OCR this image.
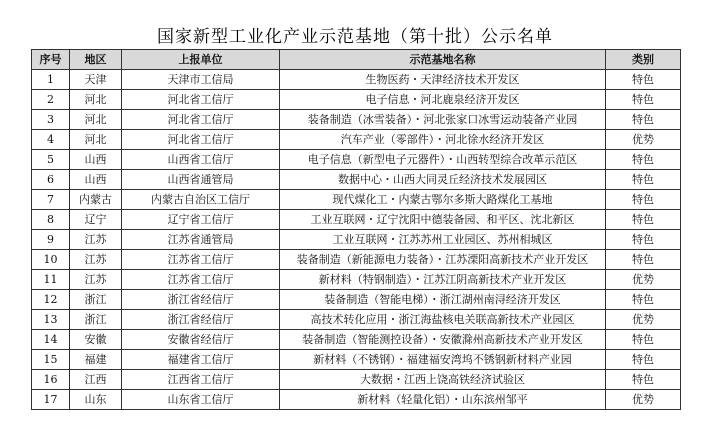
国家新型工业化产业示范基地（第十批）公示名单
序号	地区	上报单位	示范基地名称	类别
1	天津	天津市工信局	生物医药・天津经济技术开发区	特色
2	河北	河北省工信厅	电子信息・河北鹿泉经济开发区	特色
3	河北	河北省工信厅	装备制造（冰雪装备）・河北张家口冰雪运动装备产业园	特色
4	河北	河北省工信厅	汽车产业（零部件）・河北徐水经济开发区	优势
5	山西	山西省工信厅	电子信息（新型电子元器件）・山西转型综合改革示范区	特色
6	山西	山西省通管局	数据中心・山西大同灵丘经济技术发展园区	特色
7	内蒙古	内蒙古自治区工信厅	现代煤化工・内蒙古鄂尔多斯大路煤化工基地	特色
8	辽宁	辽宁省工信厅	工业互联网・辽宁沈阳中德装备园、和平区、沈北新区	特色
9	江苏	江苏省通管局	工业互联网・江苏苏州工业园区、苏州相城区	特色
10	江苏	江苏省工信厅	装备制造（新能源电力装备）・江苏溧阳高新技术产业开发区	特色
11	江苏	江苏省工信厅	新材料（特钢制造）・江苏江阴高新技术产业开发区	优势
12	浙江	浙江省经信厅	装备制造（智能电梯）・浙江湖州南浔经济开发区	特色
13	浙江	浙江省经信厅	高技术转化应用・浙江海盐核电关联高新技术产业园区	优势
14	安徽	安徽省经信厅	装备制造（智能测控设备）・安徽滁州高新技术产业开发区	特色
15	福建	福建省工信厅	新材料（不锈钢）・福建福安湾坞不锈钢新材料产业园	特色
16	江西	江西省工信厅	大数据・江西上饶高铁经济试验区	特色
17	山东	山东省工信厅	新材料（轻量化铝）・山东滨州邹平	优势
